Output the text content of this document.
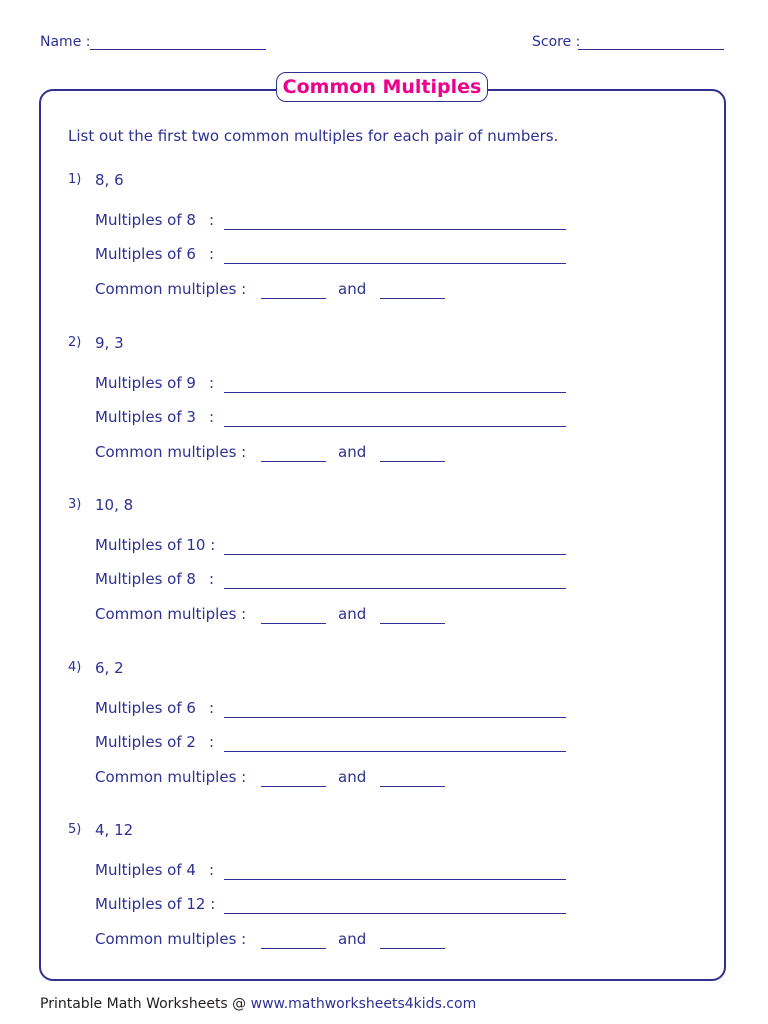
Name :	Score :
Common Multiples
List out the first two common multiples for each pair of numbers.
1) 8, 6
Multiples of 8 :
Multiples of 6 :
Common multiples :	and
2) 9, 3
Multiples of 9 :
Multiples of 3 :
Common multiples :	and
3) 10, 8
Multiples of 10 :
Multiples of 8 :
Common multiples :	and
4) 6, 2
Multiples of 6 :
Multiples of 2 :
Common multiples :	and
5) 4, 12
Multiples of 4 :
Multiples of 12 :
Common multiples :	and
Printable Math Worksheets @ www.mathworksheets4kids.com
